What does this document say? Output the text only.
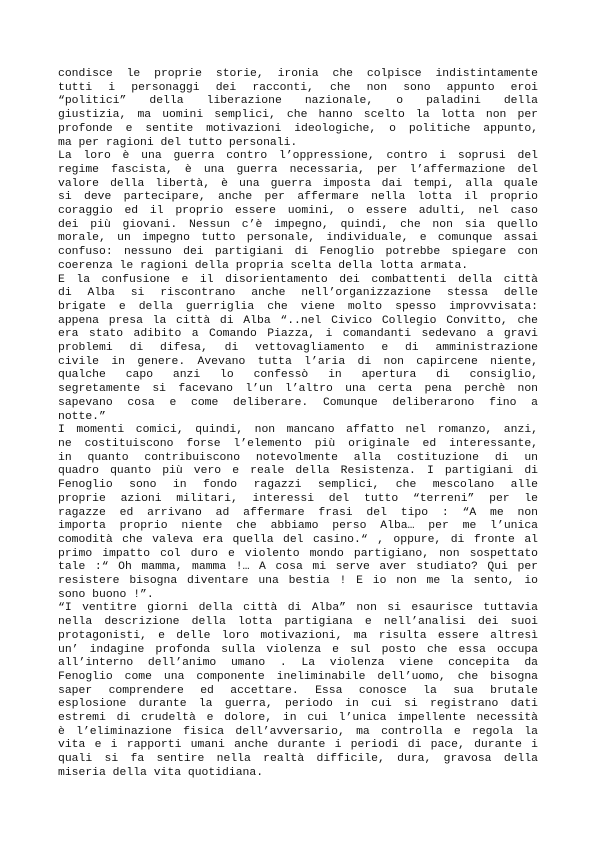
condisce le proprie storie, ironia che colpisce indistintamente
tutti i personaggi dei racconti, che non sono appunto eroi
“politici” della liberazione nazionale, o paladini della
giustizia, ma uomini semplici, che hanno scelto la lotta non per
profonde e sentite motivazioni ideologiche, o politiche appunto,
ma per ragioni del tutto personali.
La loro è una guerra contro l’oppressione, contro i soprusi del
regime fascista, è una guerra necessaria, per l’affermazione del
valore della libertà, è una guerra imposta dai tempi, alla quale
si deve partecipare, anche per affermare nella lotta il proprio
coraggio ed il proprio essere uomini, o essere adulti, nel caso
dei più giovani. Nessun c’è impegno, quindi, che non sia quello
morale, un impegno tutto personale, individuale, e comunque assai
confuso: nessuno dei partigiani di Fenoglio potrebbe spiegare con
coerenza le ragioni della propria scelta della lotta armata.
E la confusione e il disorientamento dei combattenti della città
di Alba si riscontrano anche nell’organizzazione stessa delle
brigate e della guerriglia che viene molto spesso improvvisata:
appena presa la città di Alba “..nel Civico Collegio Convitto, che
era stato adibito a Comando Piazza, i comandanti sedevano a gravi
problemi di difesa, di vettovagliamento e di amministrazione
civile in genere. Avevano tutta l’aria di non capircene niente,
qualche capo anzi lo confessò in apertura di consiglio,
segretamente si facevano l’un l’altro una certa pena perchè non
sapevano cosa e come deliberare. Comunque deliberarono fino a
notte.”
I momenti comici, quindi, non mancano affatto nel romanzo, anzi,
ne costituiscono forse l’elemento più originale ed interessante,
in quanto contribuiscono notevolmente alla costituzione di un
quadro quanto più vero e reale della Resistenza. I partigiani di
Fenoglio sono in fondo ragazzi semplici, che mescolano alle
proprie azioni militari, interessi del tutto “terreni” per le
ragazze ed arrivano ad affermare frasi del tipo : “A me non
importa proprio niente che abbiamo perso Alba… per me l’unica
comodità che valeva era quella del casino.“ , oppure, di fronte al
primo impatto col duro e violento mondo partigiano, non sospettato
tale :“ Oh mamma, mamma !… A cosa mi serve aver studiato? Qui per
resistere bisogna diventare una bestia ! E io non me la sento, io
sono buono !”.
“I ventitre giorni della città di Alba” non si esaurisce tuttavia
nella descrizione della lotta partigiana e nell’analisi dei suoi
protagonisti, e delle loro motivazioni, ma risulta essere altresì
un’ indagine profonda sulla violenza e sul posto che essa occupa
all’interno dell’animo umano . La violenza viene concepita da
Fenoglio come una componente ineliminabile dell’uomo, che bisogna
saper comprendere ed accettare. Essa conosce la sua brutale
esplosione durante la guerra, periodo in cui si registrano dati
estremi di crudeltà e dolore, in cui l’unica impellente necessità
è l’eliminazione fisica dell’avversario, ma controlla e regola la
vita e i rapporti umani anche durante i periodi di pace, durante i
quali si fa sentire nella realtà difficile, dura, gravosa della
miseria della vita quotidiana.
